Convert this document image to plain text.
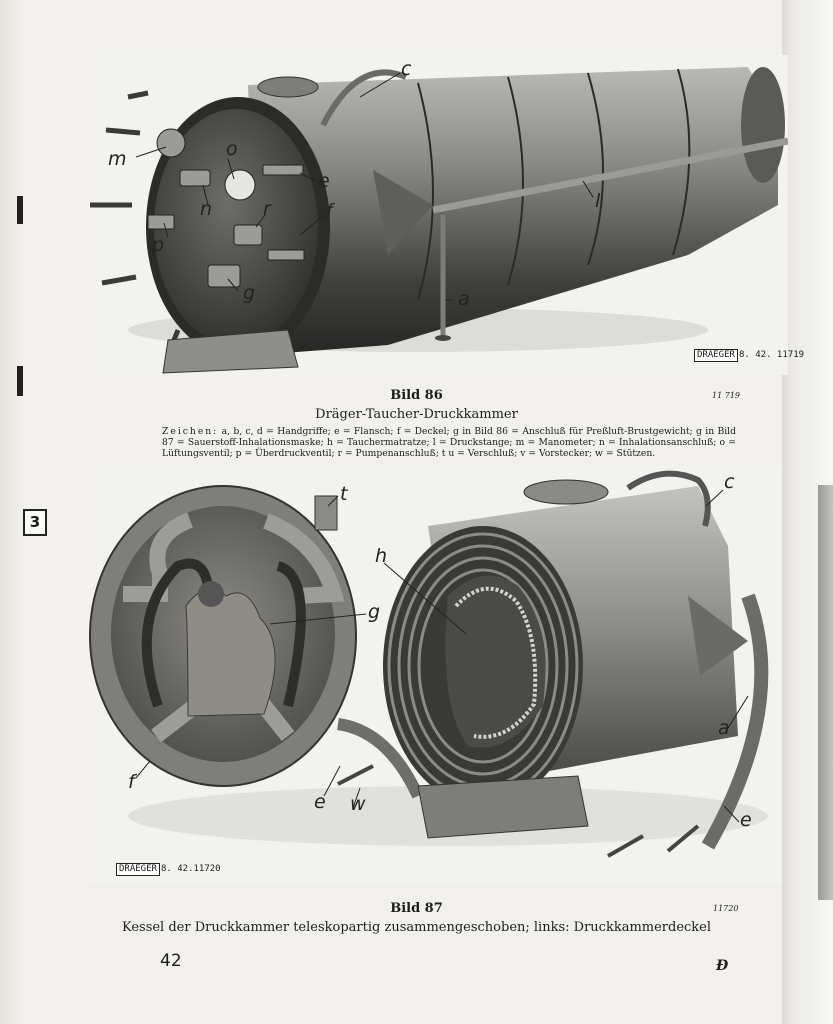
3
c
m	o
n
e
r	f
p
l
g	a
DRAEGER 8. 42. 11719
11 719
Bild 86
Dräger-Taucher-Druckkammer
Zeichen: a, b, c, d = Handgriffe; e = Flansch; f = Deckel; g in Bild 86 = Anschluß für Preßluft-Brustgewicht; g in Bild 87 = Sauerstoff-Inhalationsmaske; h = Tauchermatratze; l = Druckstange; m = Manometer; n = Inhalationsanschluß; o = Lüftungsventil; p = Überdruckventil; r = Pumpenanschluß; t u = Verschluß; v = Vorstecker; w = Stützen.
t
c
h
g
f
e w
a
e
DRAEGER 8. 42.11720
11720
Bild 87
Kessel der Druckkammer teleskopartig zusammengeschoben; links: Druckkammerdeckel
42	Ð
